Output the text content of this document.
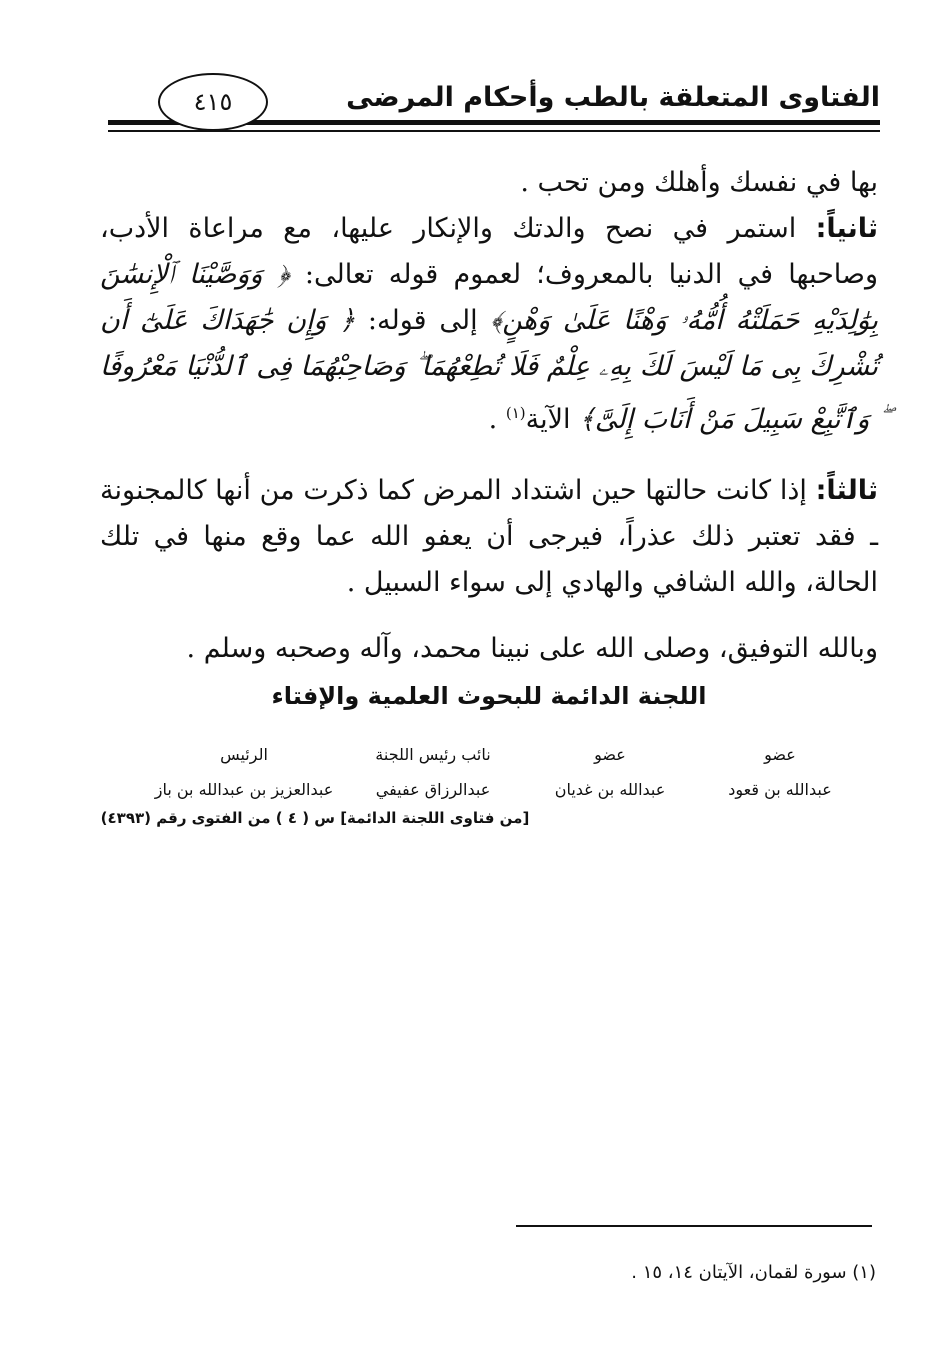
الفتاوى المتعلقة بالطب وأحكام المرضى
٤١٥
بها في نفسك وأهلك ومن تحب .
ثانياً: استمر في نصح والدتك والإنكار عليها، مع مراعاة الأدب، وصاحبها في الدنيا بالمعروف؛ لعموم قوله تعالى: ﴿ وَوَصَّيْنَا ٱلْإِنسَٰنَ بِوَٰلِدَيْهِ حَمَلَتْهُ أُمُّهُۥ وَهْنًا عَلَىٰ وَهْنٍ﴾ إلى قوله: ﴿ وَإِن جَٰهَدَاكَ عَلَىٰٓ أَن تُشْرِكَ بِى مَا لَيْسَ لَكَ بِهِۦ عِلْمٌ فَلَا تُطِعْهُمَا ۖ وَصَاحِبْهُمَا فِى ٱلدُّنْيَا مَعْرُوفًا ۖ وَٱتَّبِعْ سَبِيلَ مَنْ أَنَابَ إِلَىَّ﴾ الآية$^{(١)}$ .
ثالثاً: إذا كانت حالتها حين اشتداد المرض كما ذكرت من أنها كالمجنونة ـ فقد تعتبر ذلك عذراً، فيرجى أن يعفو الله عما وقع منها في تلك الحالة، والله الشافي والهادي إلى سواء السبيل .
وبالله التوفيق، وصلى الله على نبينا محمد، وآله وصحبه وسلم .
اللجنة الدائمة للبحوث العلمية والإفتاء
عضو
عبدالله بن قعود
عضو
عبدالله بن غديان
نائب رئيس اللجنة
عبدالرزاق عفيفي
الرئيس
عبدالعزيز بن عبدالله بن باز
[من فتاوى اللجنة الدائمة] س ( ٤ ) من الفتوى رقم (٤٣٩٣)
(١) سورة لقمان، الآيتان ١٤، ١٥ .
